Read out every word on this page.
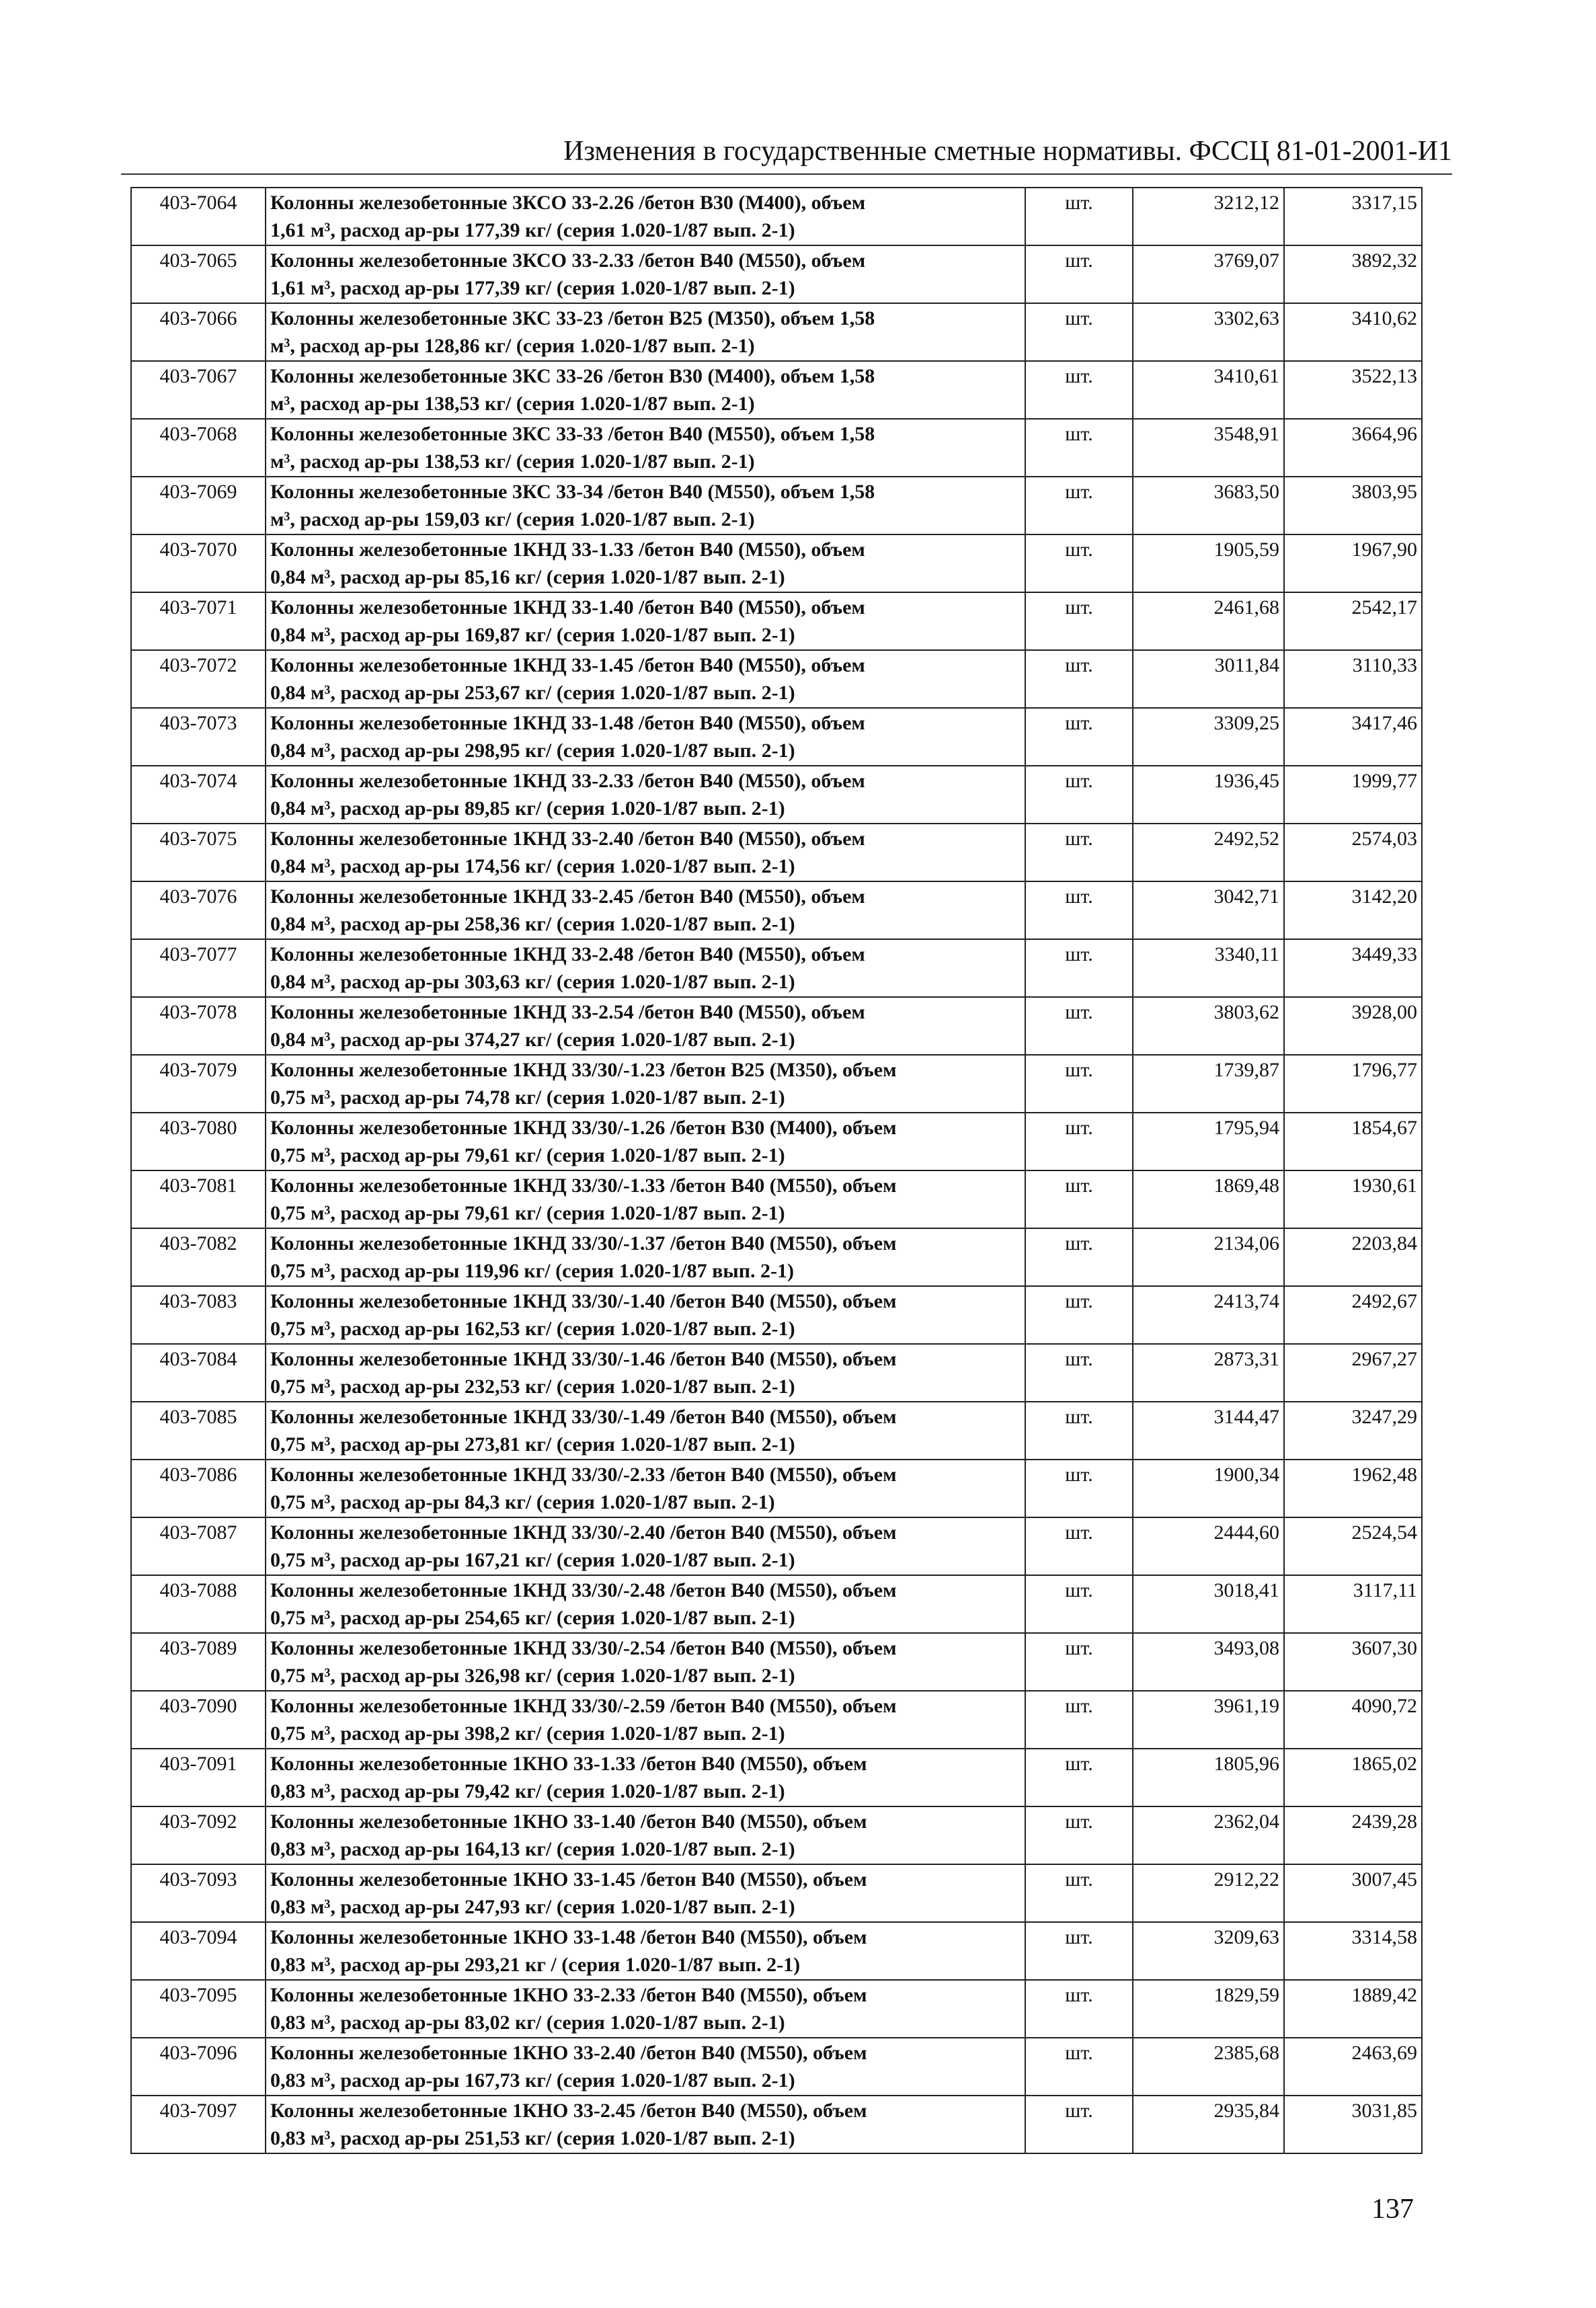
Изменения в государственные сметные нормативы. ФССЦ 81-01-2001-И1
403-7064	Колонны железобетонные 3КСО 33-2.26 /бетон В30 (М400), объем
1,61 м³, расход ар-ры 177,39 кг/ (серия 1.020-1/87 вып. 2-1)	шт.	3212,12	3317,15
403-7065	Колонны железобетонные 3КСО 33-2.33 /бетон В40 (М550), объем
1,61 м³, расход ар-ры 177,39 кг/ (серия 1.020-1/87 вып. 2-1)	шт.	3769,07	3892,32
403-7066	Колонны железобетонные 3КС 33-23 /бетон В25 (М350), объем 1,58
м³, расход ар-ры 128,86 кг/ (серия 1.020-1/87 вып. 2-1)	шт.	3302,63	3410,62
403-7067	Колонны железобетонные 3КС 33-26 /бетон В30 (М400), объем 1,58
м³, расход ар-ры 138,53 кг/ (серия 1.020-1/87 вып. 2-1)	шт.	3410,61	3522,13
403-7068	Колонны железобетонные 3КС 33-33 /бетон В40 (М550), объем 1,58
м³, расход ар-ры 138,53 кг/ (серия 1.020-1/87 вып. 2-1)	шт.	3548,91	3664,96
403-7069	Колонны железобетонные 3КС 33-34 /бетон В40 (М550), объем 1,58
м³, расход ар-ры 159,03 кг/ (серия 1.020-1/87 вып. 2-1)	шт.	3683,50	3803,95
403-7070	Колонны железобетонные 1КНД 33-1.33 /бетон В40 (М550), объем
0,84 м³, расход ар-ры 85,16 кг/ (серия 1.020-1/87 вып. 2-1)	шт.	1905,59	1967,90
403-7071	Колонны железобетонные 1КНД 33-1.40 /бетон В40 (М550), объем
0,84 м³, расход ар-ры 169,87 кг/ (серия 1.020-1/87 вып. 2-1)	шт.	2461,68	2542,17
403-7072	Колонны железобетонные 1КНД 33-1.45 /бетон В40 (М550), объем
0,84 м³, расход ар-ры 253,67 кг/ (серия 1.020-1/87 вып. 2-1)	шт.	3011,84	3110,33
403-7073	Колонны железобетонные 1КНД 33-1.48 /бетон В40 (М550), объем
0,84 м³, расход ар-ры 298,95 кг/ (серия 1.020-1/87 вып. 2-1)	шт.	3309,25	3417,46
403-7074	Колонны железобетонные 1КНД 33-2.33 /бетон В40 (М550), объем
0,84 м³, расход ар-ры 89,85 кг/ (серия 1.020-1/87 вып. 2-1)	шт.	1936,45	1999,77
403-7075	Колонны железобетонные 1КНД 33-2.40 /бетон В40 (М550), объем
0,84 м³, расход ар-ры 174,56 кг/ (серия 1.020-1/87 вып. 2-1)	шт.	2492,52	2574,03
403-7076	Колонны железобетонные 1КНД 33-2.45 /бетон В40 (М550), объем
0,84 м³, расход ар-ры 258,36 кг/ (серия 1.020-1/87 вып. 2-1)	шт.	3042,71	3142,20
403-7077	Колонны железобетонные 1КНД 33-2.48 /бетон В40 (М550), объем
0,84 м³, расход ар-ры 303,63 кг/ (серия 1.020-1/87 вып. 2-1)	шт.	3340,11	3449,33
403-7078	Колонны железобетонные 1КНД 33-2.54 /бетон В40 (М550), объем
0,84 м³, расход ар-ры 374,27 кг/ (серия 1.020-1/87 вып. 2-1)	шт.	3803,62	3928,00
403-7079	Колонны железобетонные 1КНД 33/30/-1.23 /бетон В25 (М350), объем
0,75 м³, расход ар-ры 74,78 кг/ (серия 1.020-1/87 вып. 2-1)	шт.	1739,87	1796,77
403-7080	Колонны железобетонные 1КНД 33/30/-1.26 /бетон В30 (М400), объем
0,75 м³, расход ар-ры 79,61 кг/ (серия 1.020-1/87 вып. 2-1)	шт.	1795,94	1854,67
403-7081	Колонны железобетонные 1КНД 33/30/-1.33 /бетон В40 (М550), объем
0,75 м³, расход ар-ры 79,61 кг/ (серия 1.020-1/87 вып. 2-1)	шт.	1869,48	1930,61
403-7082	Колонны железобетонные 1КНД 33/30/-1.37 /бетон В40 (М550), объем
0,75 м³, расход ар-ры 119,96 кг/ (серия 1.020-1/87 вып. 2-1)	шт.	2134,06	2203,84
403-7083	Колонны железобетонные 1КНД 33/30/-1.40 /бетон В40 (М550), объем
0,75 м³, расход ар-ры 162,53 кг/ (серия 1.020-1/87 вып. 2-1)	шт.	2413,74	2492,67
403-7084	Колонны железобетонные 1КНД 33/30/-1.46 /бетон В40 (М550), объем
0,75 м³, расход ар-ры 232,53 кг/ (серия 1.020-1/87 вып. 2-1)	шт.	2873,31	2967,27
403-7085	Колонны железобетонные 1КНД 33/30/-1.49 /бетон В40 (М550), объем
0,75 м³, расход ар-ры 273,81 кг/ (серия 1.020-1/87 вып. 2-1)	шт.	3144,47	3247,29
403-7086	Колонны железобетонные 1КНД 33/30/-2.33 /бетон В40 (М550), объем
0,75 м³, расход ар-ры 84,3 кг/ (серия 1.020-1/87 вып. 2-1)	шт.	1900,34	1962,48
403-7087	Колонны железобетонные 1КНД 33/30/-2.40 /бетон В40 (М550), объем
0,75 м³, расход ар-ры 167,21 кг/ (серия 1.020-1/87 вып. 2-1)	шт.	2444,60	2524,54
403-7088	Колонны железобетонные 1КНД 33/30/-2.48 /бетон В40 (М550), объем
0,75 м³, расход ар-ры 254,65 кг/ (серия 1.020-1/87 вып. 2-1)	шт.	3018,41	3117,11
403-7089	Колонны железобетонные 1КНД 33/30/-2.54 /бетон В40 (М550), объем
0,75 м³, расход ар-ры 326,98 кг/ (серия 1.020-1/87 вып. 2-1)	шт.	3493,08	3607,30
403-7090	Колонны железобетонные 1КНД 33/30/-2.59 /бетон В40 (М550), объем
0,75 м³, расход ар-ры 398,2 кг/ (серия 1.020-1/87 вып. 2-1)	шт.	3961,19	4090,72
403-7091	Колонны железобетонные 1КНО 33-1.33 /бетон В40 (М550), объем
0,83 м³, расход ар-ры 79,42 кг/ (серия 1.020-1/87 вып. 2-1)	шт.	1805,96	1865,02
403-7092	Колонны железобетонные 1КНО 33-1.40 /бетон В40 (М550), объем
0,83 м³, расход ар-ры 164,13 кг/ (серия 1.020-1/87 вып. 2-1)	шт.	2362,04	2439,28
403-7093	Колонны железобетонные 1КНО 33-1.45 /бетон В40 (М550), объем
0,83 м³, расход ар-ры 247,93 кг/ (серия 1.020-1/87 вып. 2-1)	шт.	2912,22	3007,45
403-7094	Колонны железобетонные 1КНО 33-1.48 /бетон В40 (М550), объем
0,83 м³, расход ар-ры 293,21 кг / (серия 1.020-1/87 вып. 2-1)	шт.	3209,63	3314,58
403-7095	Колонны железобетонные 1КНО 33-2.33 /бетон В40 (М550), объем
0,83 м³, расход ар-ры 83,02 кг/ (серия 1.020-1/87 вып. 2-1)	шт.	1829,59	1889,42
403-7096	Колонны железобетонные 1КНО 33-2.40 /бетон В40 (М550), объем
0,83 м³, расход ар-ры 167,73 кг/ (серия 1.020-1/87 вып. 2-1)	шт.	2385,68	2463,69
403-7097	Колонны железобетонные 1КНО 33-2.45 /бетон В40 (М550), объем
0,83 м³, расход ар-ры 251,53 кг/ (серия 1.020-1/87 вып. 2-1)	шт.	2935,84	3031,85
137
